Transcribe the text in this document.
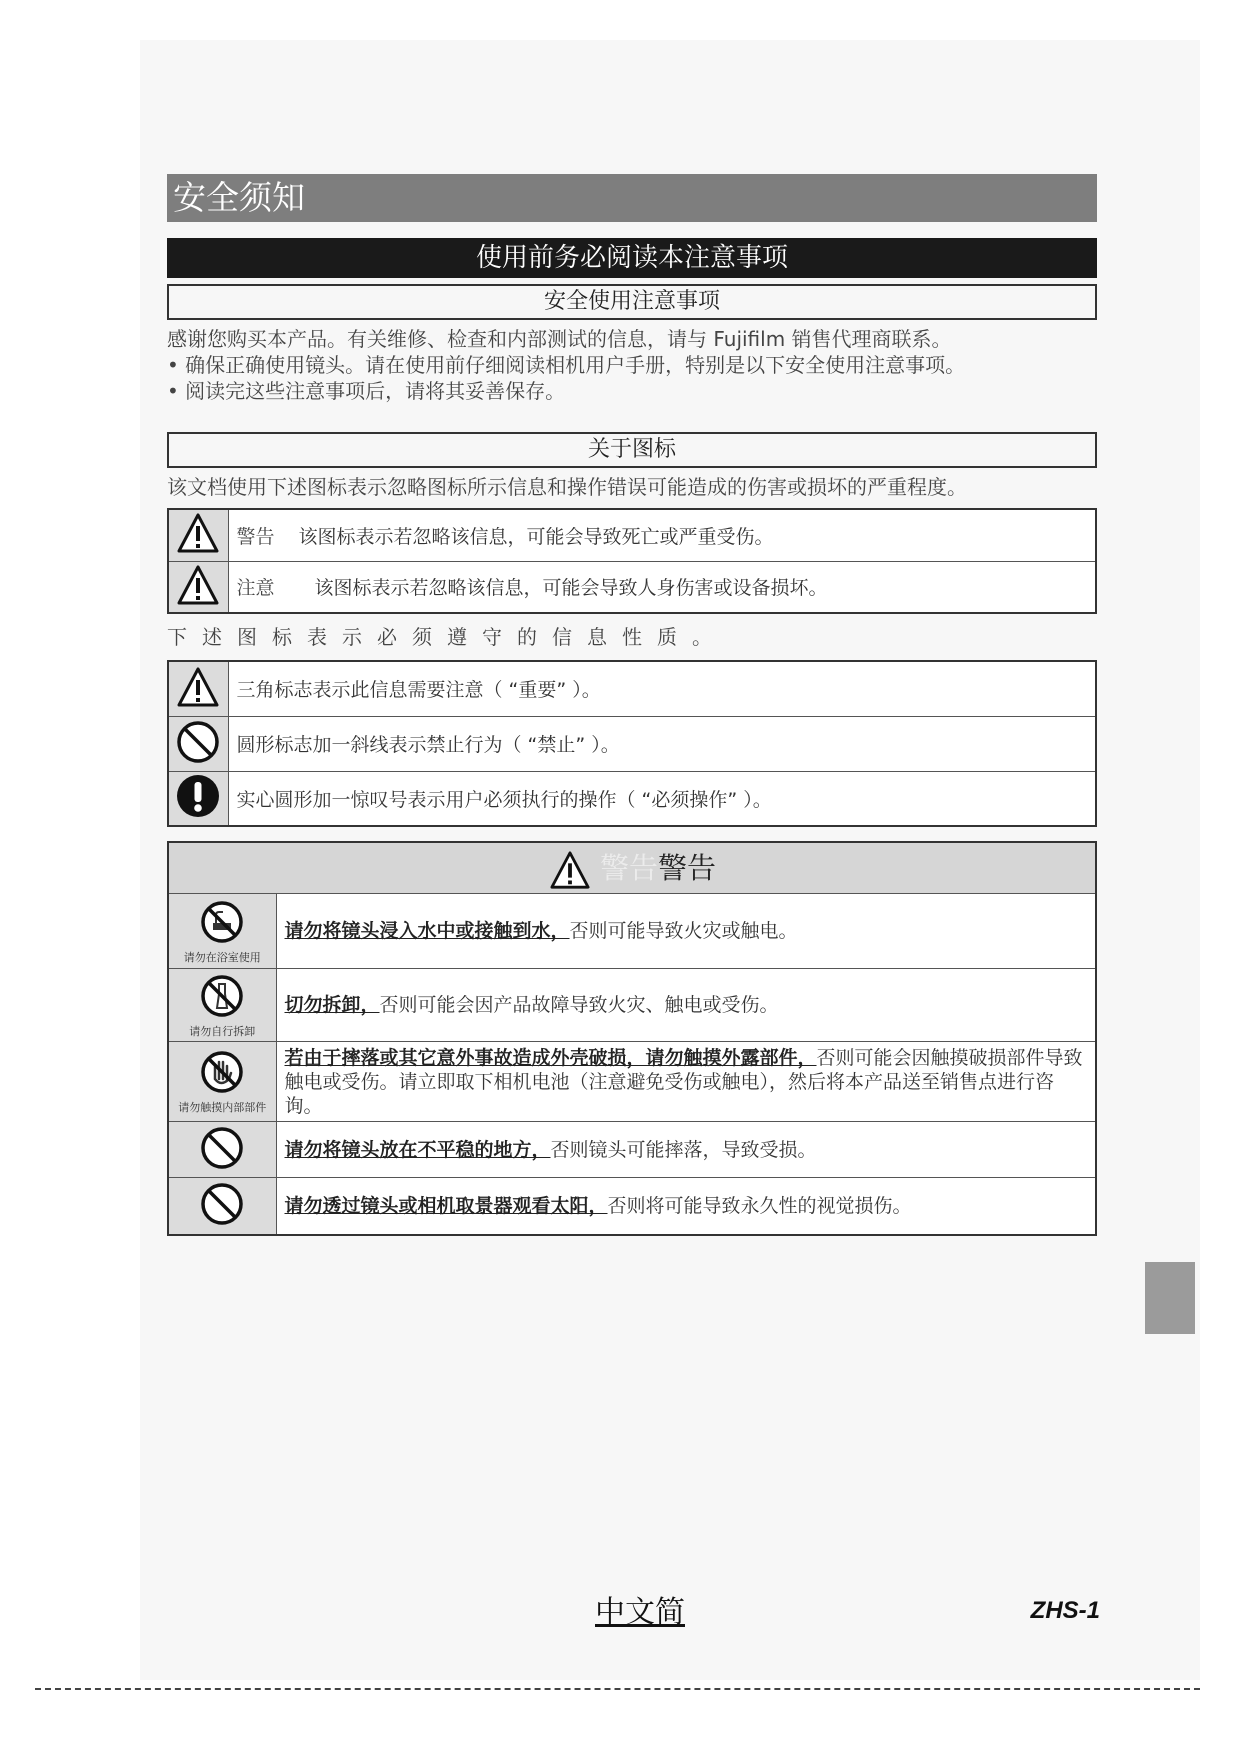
安全须知
使用前务必阅读本注意事项
安全使用注意事项
感谢您购买本产品。有关维修、检查和内部测试的信息，请与 Fujifilm 销售代理商联系。
• 确保正确使用镜头。请在使用前仔细阅读相机用户手册，特别是以下安全使用注意事项。
• 阅读完这些注意事项后，请将其妥善保存。
关于图标
该文档使用下述图标表示忽略图标所示信息和操作错误可能造成的伤害或损坏的严重程度。
	警告 该图标表示若忽略该信息，可能会导致死亡或严重受伤。
	注意 该图标表示若忽略该信息，可能会导致人身伤害或设备损坏。
下述图标表示必须遵守的信息性质。
	三角标志表示此信息需要注意（ “重要” ）。
	圆形标志加一斜线表示禁止行为（ “禁止” ）。
	实心圆形加一惊叹号表示用户必须执行的操作（ “必须操作” ）。
警告警告	

请勿在浴室使用	请勿将镜头浸入水中或接触到水，否则可能导致火灾或触电。

请勿自行拆卸	切勿拆卸，否则可能会因产品故障导致火灾、触电或受伤。

请勿触摸内部部件	若由于摔落或其它意外事故造成外壳破损，请勿触摸外露部件，否则可能会因触摸破损部件导致触电或受伤。请立即取下相机电池（注意避免受伤或触电），然后将本产品送至销售点进行咨询。
	请勿将镜头放在不平稳的地方，否则镜头可能摔落，导致受损。
	请勿透过镜头或相机取景器观看太阳，否则将可能导致永久性的视觉损伤。
中文简	ZHS-1
